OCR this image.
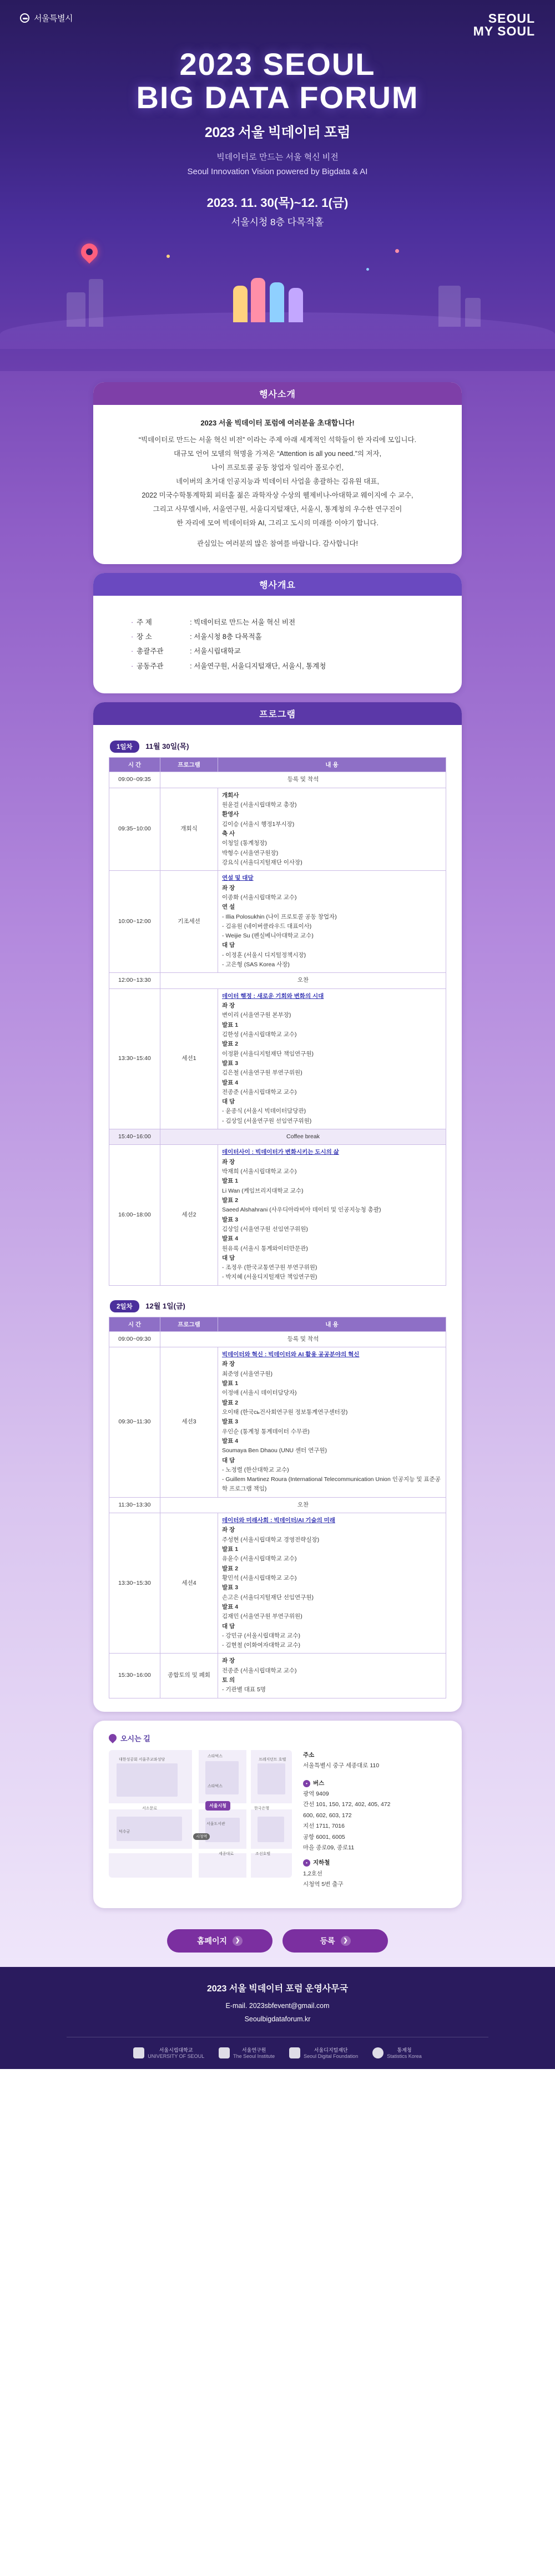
서울특별시	SEOUL
MY SOUL
2023 SEOUL
BIG DATA FORUM
2023 서울 빅데이터 포럼
빅데이터로 만드는 서울 혁신 비전
Seoul Innovation Vision powered by Bigdata & AI
2023. 11. 30(목)~12. 1(금)
서울시청 8층 다목적홀
행사소개
2023 서울 빅데이터 포럼에 여러분을 초대합니다!
“빅데이터로 만드는 서울 혁신 비전” 이라는 주제 아래 세계적인 석학들이 한 자리에 모입니다.
대규모 언어 모델의 혁명을 가져온 “Attention is all you need.”의 저자,
나이 프로토콜 공동 창업자 일리아 폴로수킨,
네이버의 초거대 인공지능과 빅데이터 사업을 총괄하는 김유원 대표,
2022 미국수학통계학회 피터홀 젊은 과학자상 수상의 웰제비나-아대학교 웨이지에 수 교수,
그리고 사무엘시바, 서울연구원, 서울디지털재단, 서울시, 통계청의 우수한 연구진이
한 자리에 모여 빅데이터와 AI, 그리고 도시의 미래를 이야기 합니다.
관심있는 여러분의 많은 참여를 바랍니다. 감사합니다!
행사개요
· 주 제	: 빅데이터로 만드는 서울 혁신 비전
· 장 소	: 서울시청 8층 다목적홀
· 총괄주관	: 서울시립대학교
· 공동주관	: 서울연구원, 서울디지털재단, 서울시, 통계청
프로그램
1일차 11월 30일(목)
시 간	프로그램	내 용
09:00~09:35	등록 및 착석	
09:35~10:00	개회식	
개회사
원윤걸 (서울시립대학교 총장)
환영사
김이승 (서울시 행정1부시장)
축 사
이청일 (통계청장)
박형수 (서울연구원장)
강요식 (서울디지털재단 이사장)

10:00~12:00	기조세션	
연설 및 대담
좌 장
이종화 (서울시립대학교 교수)
연 설
- Illia Polosukhin (나이 프로토콜 공동 창업자)
- 김유원 (네이버클라우드 대표이사)
- Weijie Su (펜실베니아대학교 교수)
대 담
- 이정훈 (서울시 디지털정책시장)
- 고은형 (SAS Korea 사장)

12:00~13:30	오찬	
13:30~15:40	세션1	
데이터 행정 : 새로운 기회와 변화의 시대
좌 장
변이리 (서울연구원 본부장)
발표 1
김한성 (서울시립대학교 교수)
발표 2
이정환 (서울디지털재단 책임연구원)
발표 3
김은철 (서울연구원 부연구위원)
발표 4
전종준 (서울시립대학교 교수)
대 담
- 윤종식 (서울시 빅데이터담당관)
- 김상일 (서울연구원 선임연구위원)

15:40~16:00	Coffee break	
16:00~18:00	세션2	
데이터사이 : 빅데이터가 변화시키는 도시의 삶
좌 장
박재희 (서울시립대학교 교수)
발표 1
Li Wan (케임브리지대학교 교수)
발표 2
Saeed Alshahrani (사우디아라비아 데이터 및 인공지능청 총괄)
발표 3
김상일 (서울연구원 선임연구위원)
발표 4
원유록 (서울시 통계와이터만문관)
대 담
- 조정우 (한국교통연구원 부연구위원)
- 박지혜 (서울디지털재단 책임연구원)
2일차 12월 1일(금)
시 간	프로그램	내 용
09:00~09:30	등록 및 착석	
09:30~11:30	세션3	
빅데이터와 혁신 : 빅데이터와 AI 활용 공공분야의 혁신
좌 장
최준영 (서울연구원)
발표 1
이정애 (서울시 데이터담당자)
발표 2
오이태 (한국сь건사회연구원 정보통계연구센터장)
발표 3
우인순 (통계청 통계데이터 수무관)
발표 4
Soumaya Ben Dhaou (UNU 센터 연구원)
대 담
- 노정렬 (한산대학교 교수)
- Guillem Martinez Roura (International Telecommunication Union 인공지능 및 표준공학 프로그램 책임)

11:30~13:30	오찬	
13:30~15:30	세션4	
데이터와 미래사회 : 빅데이터/AI 기술의 미래
좌 장
주성현 (서울시립대학교 경영전략실장)
발표 1
유윤수 (서울시립대학교 교수)
발표 2
황민석 (서울시립대학교 교수)
발표 3
손고은 (서울디지털재단 선임연구원)
발표 4
김재민 (서울연구원 부연구위원)
대 담
- 강민규 (서울시립대학교 교수)
- 김현철 (이화여자대학교 교수)

15:30~16:00	종합토의 및 폐회	좌 장
전종준 (서울시립대학교 교수)
토 의
- 기관별 대표 5명
오시는 길
서울시청
시청역
대한성공회 서울주교좌성당
스타벅스
스타벅스
덕수궁
서울도서관
프레지던트 호텔
서소문로
세종대로
한국은행
조선호텔
주소
서울특별시 중구 세종대로 110
• 버스
광역 9409
간선 101, 150, 172, 402, 405, 472
600, 602, 603, 172
지선 1711, 7016
공항 6001, 6005
마을 종로09, 종로11
• 지하철
1,2호선
시청역 5번 출구
홈페이지	❯	등록	❯
2023 서울 빅데이터 포럼 운영사무국
E-mail. 2023sbfevent@gmail.com
Seoulbigdataforum.kr
서울시립대학교
UNIVERSITY OF SEOUL
서울연구원
The Seoul Institute
서울디지털재단
Seoul Digital Foundation
통계청
Statistics Korea
